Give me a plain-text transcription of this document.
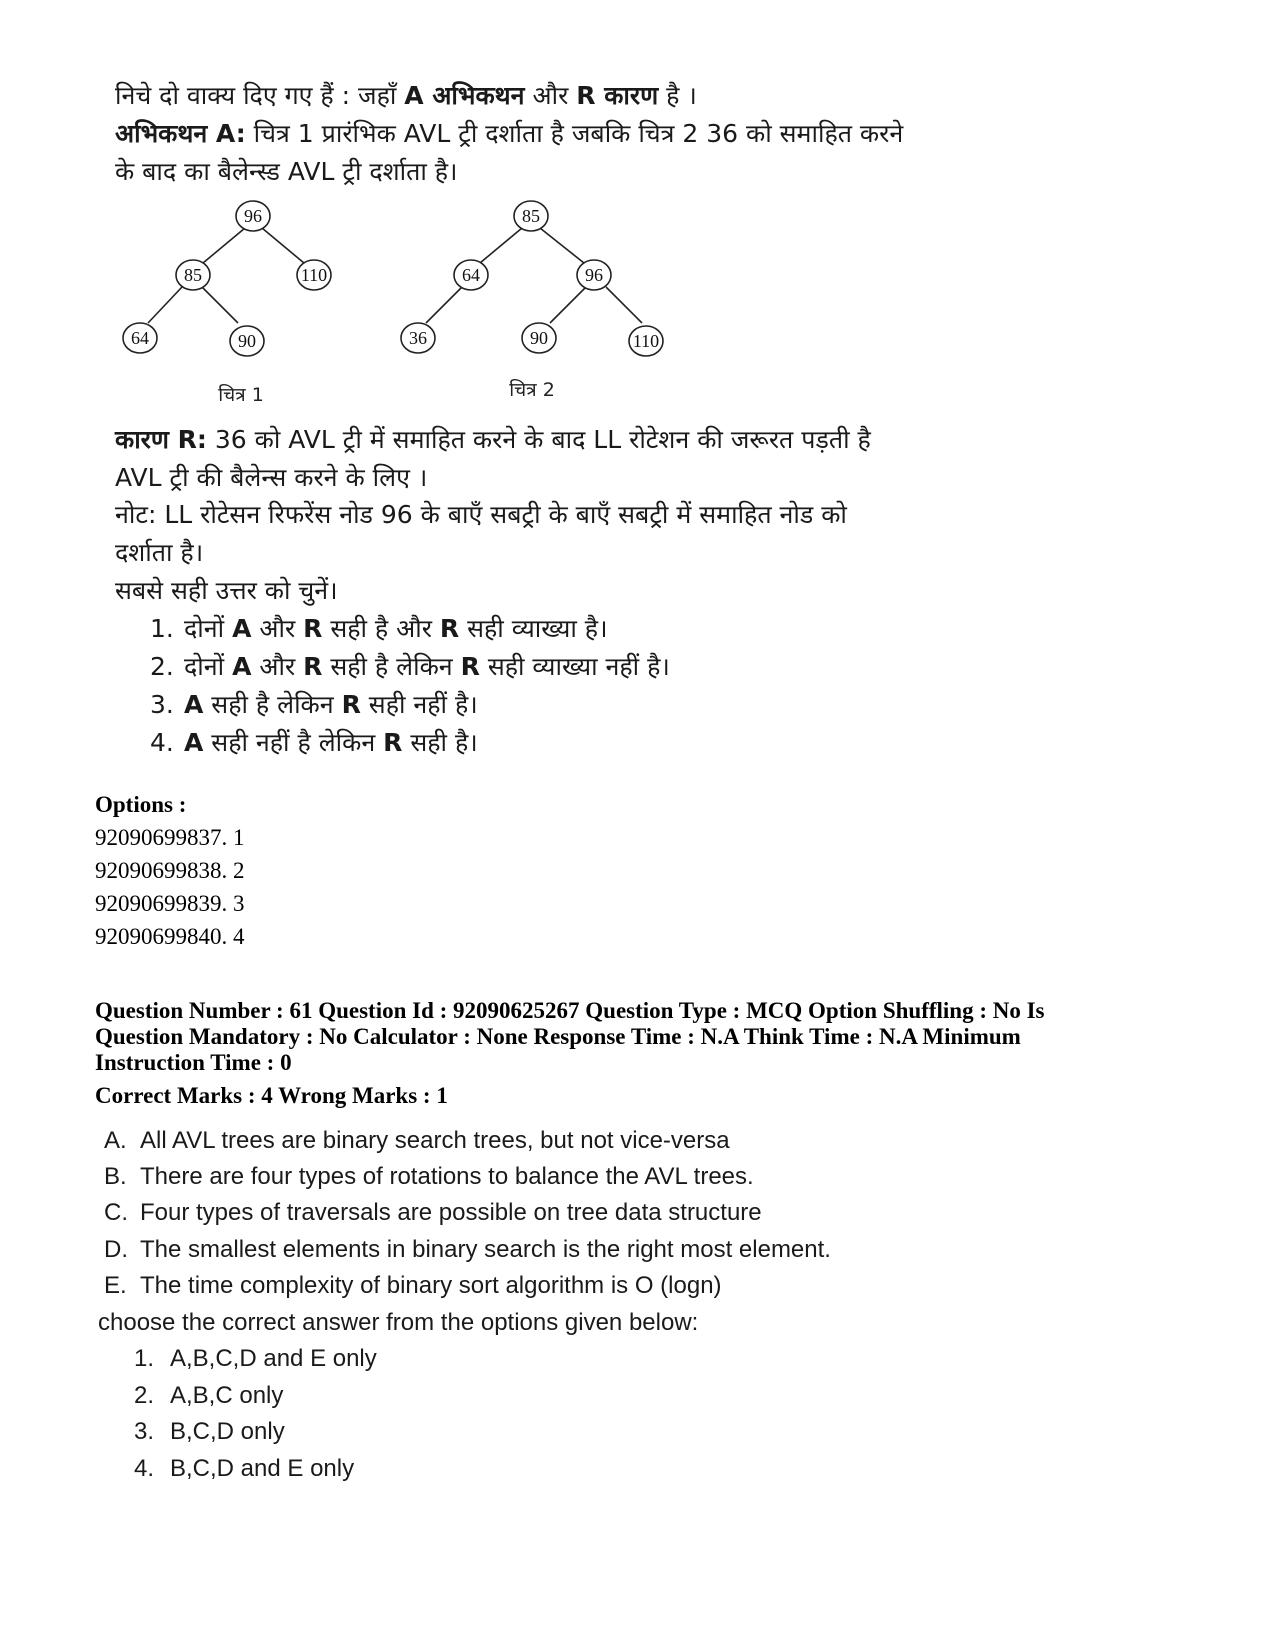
निचे दो वाक्य दिए गए हैं : जहाँ A अभिकथन और R कारण है ।
अभिकथन A: चित्र 1 प्रारंभिक AVL ट्री दर्शाता है जबकि चित्र 2 36 को समाहित करने
के बाद का बैलेन्स्ड AVL ट्री दर्शाता है।
96
85	110
64	90
85
64	96
36	90	110
चित्र 1	चित्र 2
कारण R: 36 को AVL ट्री में समाहित करने के बाद LL रोटेशन की जरूरत पड़ती है
AVL ट्री की बैलेन्स करने के लिए ।
नोट: LL रोटेसन रिफरेंस नोड 96 के बाएँ सबट्री के बाएँ सबट्री में समाहित नोड को
दर्शाता है।
सबसे सही उत्तर को चुनें।
1. दोनों A और R सही है और R सही व्याख्या है।
2. दोनों A और R सही है लेकिन R सही व्याख्या नहीं है।
3. A सही है लेकिन R सही नहीं है।
4. A सही नहीं है लेकिन R सही है।
Options :
92090699837. 1
92090699838. 2
92090699839. 3
92090699840. 4
Question Number : 61 Question Id : 92090625267 Question Type : MCQ Option Shuffling : No Is
Question Mandatory : No Calculator : None Response Time : N.A Think Time : N.A Minimum
Instruction Time : 0
Correct Marks : 4 Wrong Marks : 1
A. All AVL trees are binary search trees, but not vice-versa
B. There are four types of rotations to balance the AVL trees.
C. Four types of traversals are possible on tree data structure
D. The smallest elements in binary search is the right most element.
E. The time complexity of binary sort algorithm is O (logn)
choose the correct answer from the options given below:
1. A,B,C,D and E only
2. A,B,C only
3. B,C,D only
4. B,C,D and E only
